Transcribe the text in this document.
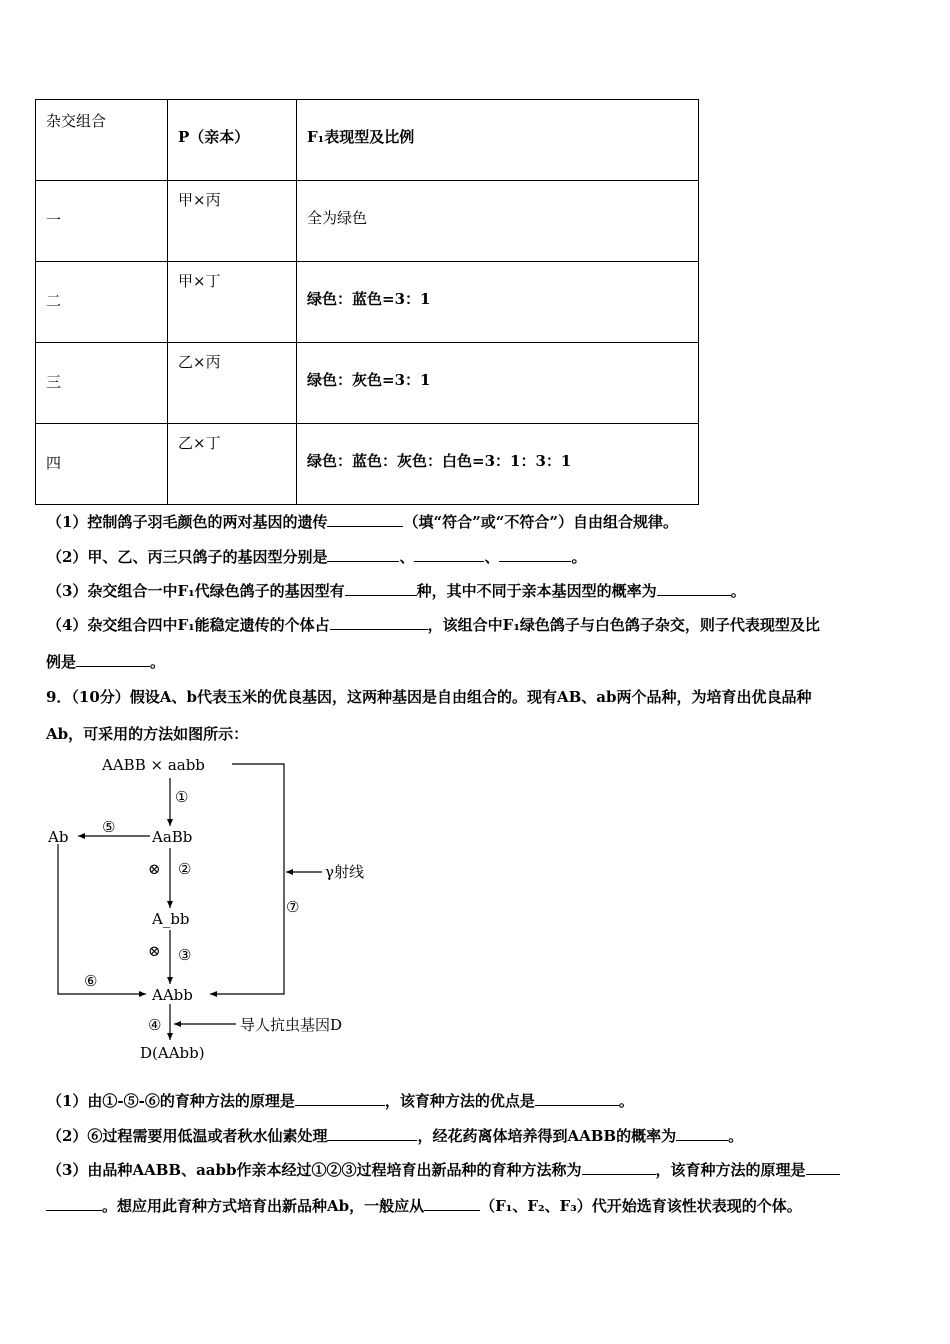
杂交组合	P（亲本）	F₁表现型及比例

一	甲×丙	全为绿色

二	甲×丁	绿色：蓝色=3：1

三	乙×丙	绿色：灰色=3：1

四	乙×丁	绿色：蓝色：灰色：白色=3：1：3：1
（1）控制鸽子羽毛颜色的两对基因的遗传	（填“符合”或“不符合”）自由组合规律。
（2）甲、乙、丙三只鸽子的基因型分别是	、	、	。
（3）杂交组合一中F₁代绿色鸽子的基因型有	种，其中不同于亲本基因型的概率为	。
（4）杂交组合四中F₁能稳定遗传的个体占	，该组合中F₁绿色鸽子与白色鸽子杂交，则子代表现型及比
例是	。
9．（10分）假设A、b代表玉米的优良基因，这两种基因是自由组合的。现有AB、ab两个品种，为培育出优良品种
Ab，可采用的方法如图所示：
AABB × aabb
AaBb
Ab
A_bb
AAbb
D(AAbb)
γ射线
导人抗虫基因D
①
②
③
④
⑤
⑥
⑦
⊗
⊗
（1）由①-⑤-⑥的育种方法的原理是	，该育种方法的优点是	。
（2）⑥过程需要用低温或者秋水仙素处理	，经花药离体培养得到AABB的概率为	。
（3）由品种AABB、aabb作亲本经过①②③过程培育出新品种的育种方法称为	，该育种方法的原理是
。想应用此育种方式培育出新品种Ab，一般应从	（F₁、F₂、F₃）代开始选育该性状表现的个体。
